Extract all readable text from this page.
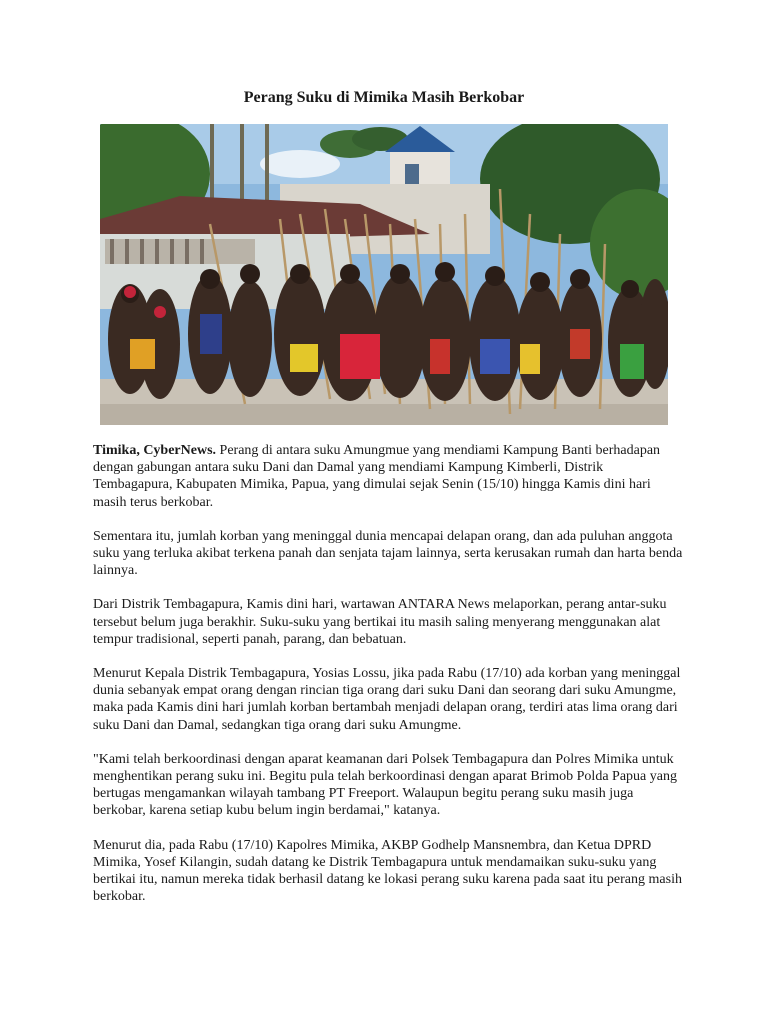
Perang Suku di Mimika Masih Berkobar

Timika, CyberNews. Perang di antara suku Amungmue yang mendiami Kampung Banti berhadapan dengan gabungan antara suku Dani dan Damal yang mendiami Kampung Kimberli, Distrik Tembagapura, Kabupaten Mimika, Papua, yang dimulai sejak Senin (15/10) hingga Kamis dini hari masih terus berkobar.

Sementara itu, jumlah korban yang meninggal dunia mencapai delapan orang, dan ada puluhan anggota suku yang terluka akibat terkena panah dan senjata tajam lainnya, serta kerusakan rumah dan harta benda lainnya.

Dari Distrik Tembagapura, Kamis dini hari, wartawan ANTARA News melaporkan, perang antar-suku tersebut belum juga berakhir. Suku-suku yang bertikai itu masih saling menyerang menggunakan alat tempur tradisional, seperti panah, parang, dan bebatuan.

Menurut Kepala Distrik Tembagapura, Yosias Lossu, jika pada Rabu (17/10) ada korban yang meninggal dunia sebanyak empat orang dengan rincian tiga orang dari suku Dani dan seorang dari suku Amungme, maka pada Kamis dini hari jumlah korban bertambah menjadi delapan orang, terdiri atas lima orang dari suku Dani dan Damal, sedangkan tiga orang dari suku Amungme.

"Kami telah berkoordinasi dengan aparat keamanan dari Polsek Tembagapura dan Polres Mimika untuk menghentikan perang suku ini. Begitu pula telah berkoordinasi dengan aparat Brimob Polda Papua yang bertugas mengamankan wilayah tambang PT Freeport. Walaupun begitu perang suku masih juga berkobar, karena setiap kubu belum ingin berdamai," katanya.

Menurut dia, pada Rabu (17/10) Kapolres Mimika, AKBP Godhelp Mansnembra, dan Ketua DPRD Mimika, Yosef Kilangin, sudah datang ke Distrik Tembagapura untuk mendamaikan suku-suku yang bertikai itu, namun mereka tidak berhasil datang ke lokasi perang suku karena pada saat itu perang masih berkobar.
